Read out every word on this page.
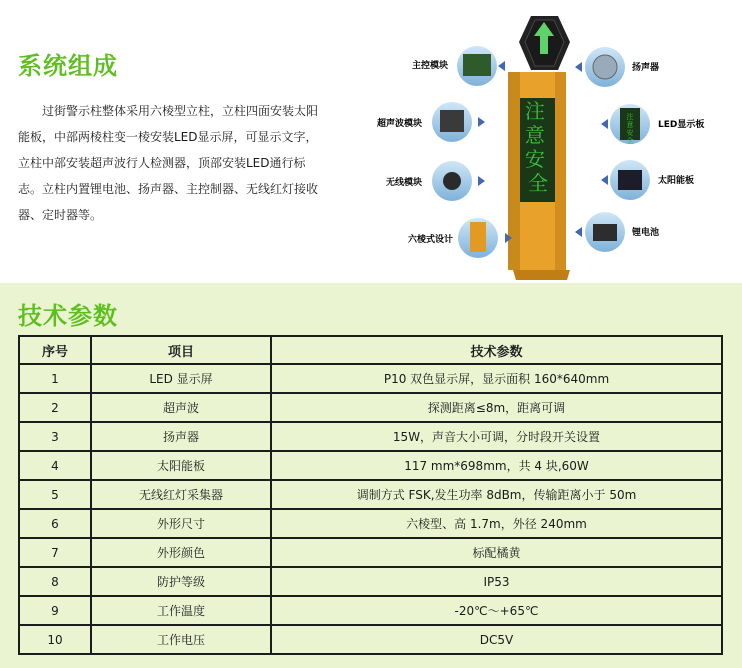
系统组成

过街警示柱整体采用六棱型立柱，立柱四面安装太阳能板，中部两棱柱变一棱安装LED显示屏，可显示文字，立柱中部安装超声波行人检测器，顶部安装LED通行标志。立柱内置锂电池、扬声器、主控制器、无线红灯接收器、定时器等。

注 意 安 全
主控模块
超声波模块
无线模块
六棱式设计
扬声器
注意安全
LED显示板
太阳能板
锂电池
技术参数
序号	项目	技术参数
1	LED 显示屏	P10 双色显示屏，显示面积 160*640mm
2	超声波	探测距离≤8m，距离可调
3	扬声器	15W，声音大小可调，分时段开关设置
4	太阳能板	117 mm*698mm，共 4 块,60W
5	无线红灯采集器	调制方式 FSK,发生功率 8dBm，传输距离小于 50m
6	外形尺寸	六棱型、高 1.7m，外径 240mm
7	外形颜色	标配橘黄
8	防护等级	IP53
9	工作温度	-20℃～+65℃
10	工作电压	DC5V
